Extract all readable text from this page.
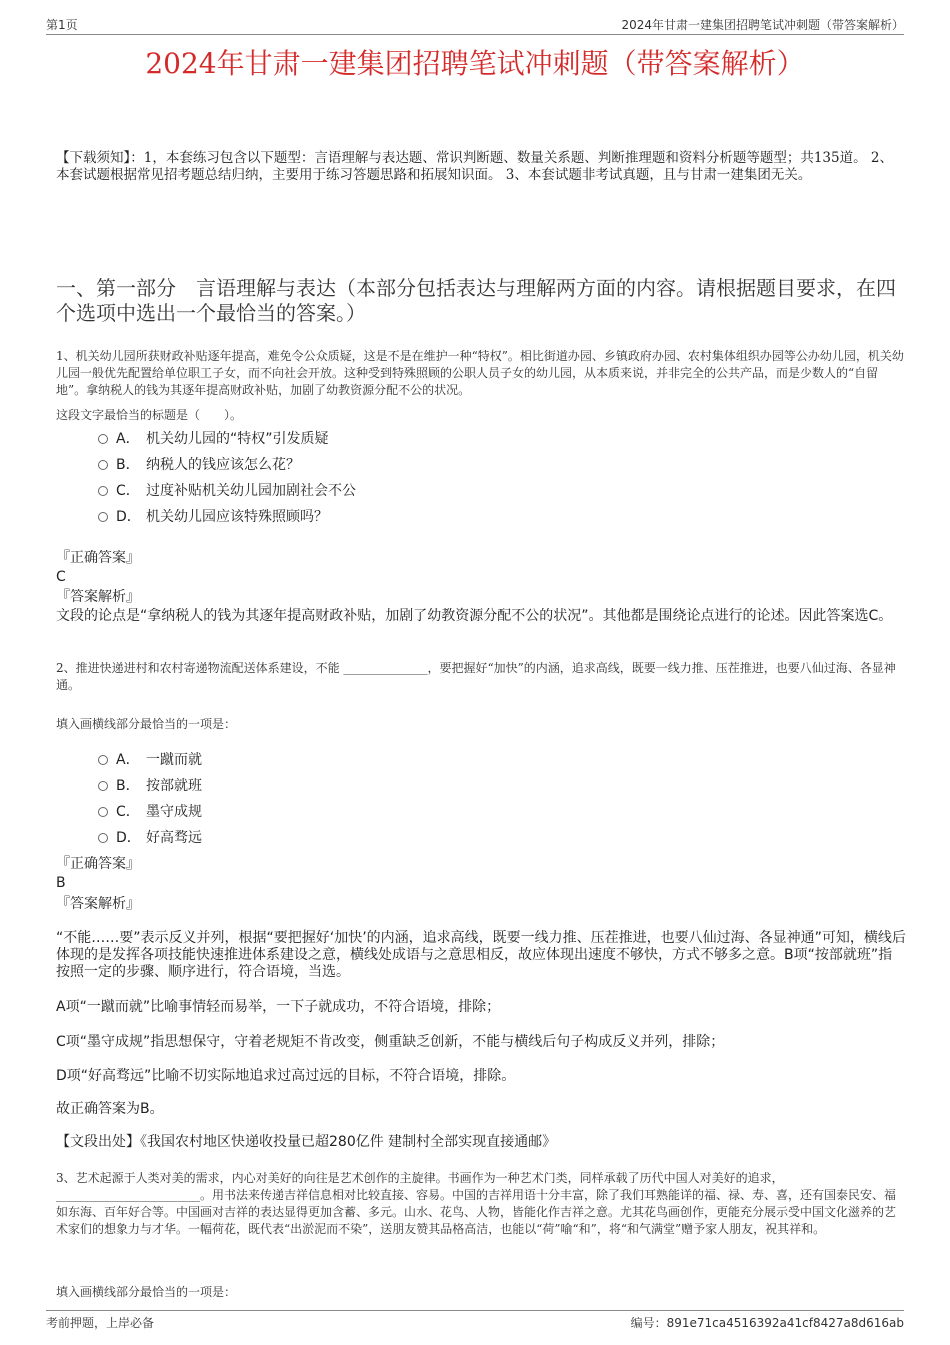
第1页	2024年甘肃一建集团招聘笔试冲刺题（带答案解析）
2024年甘肃一建集团招聘笔试冲刺题（带答案解析）
【下载须知】：1，本套练习包含以下题型：言语理解与表达题、常识判断题、数量关系题、判断推理题和资料分析题等题型；共135道。 2、本套试题根据常见招考题总结归纳，主要用于练习答题思路和拓展知识面。 3、本套试题非考试真题，且与甘肃一建集团无关。
一、第一部分　言语理解与表达（本部分包括表达与理解两方面的内容。请根据题目要求，在四个选项中选出一个最恰当的答案。）
1、机关幼儿园所获财政补贴逐年提高，难免令公众质疑，这是不是在维护一种“特权”。相比街道办园、乡镇政府办园、农村集体组织办园等公办幼儿园，机关幼儿园一般优先配置给单位职工子女，而不向社会开放。这种受到特殊照顾的公职人员子女的幼儿园，从本质来说，并非完全的公共产品，而是少数人的“自留地”。拿纳税人的钱为其逐年提高财政补贴，加剧了幼教资源分配不公的状况。
这段文字最恰当的标题是（　　）。
A． 机关幼儿园的“特权”引发质疑
B． 纳税人的钱应该怎么花？
C． 过度补贴机关幼儿园加剧社会不公
D． 机关幼儿园应该特殊照顾吗？
『正确答案』
C
『答案解析』
文段的论点是“拿纳税人的钱为其逐年提高财政补贴，加剧了幼教资源分配不公的状况”。其他都是围绕论点进行的论述。因此答案选C。
2、推进快递进村和农村寄递物流配送体系建设，不能 ______________，要把握好“加快”的内涵，追求高线，既要一线力推、压茬推进，也要八仙过海、各显神通。
填入画横线部分最恰当的一项是：
A． 一蹴而就
B． 按部就班
C． 墨守成规
D． 好高骛远
『正确答案』
B
『答案解析』
“不能……要”表示反义并列，根据“要把握好‘加快’的内涵，追求高线，既要一线力推、压茬推进，也要八仙过海、各显神通”可知，横线后体现的是发挥各项技能快速推进体系建设之意，横线处成语与之意思相反，故应体现出速度不够快，方式不够多之意。B项“按部就班”指按照一定的步骤、顺序进行，符合语境，当选。
A项“一蹴而就”比喻事情轻而易举，一下子就成功，不符合语境，排除；
C项“墨守成规”指思想保守，守着老规矩不肯改变，侧重缺乏创新，不能与横线后句子构成反义并列，排除；
D项“好高骛远”比喻不切实际地追求过高过远的目标，不符合语境，排除。
故正确答案为B。
【文段出处】《我国农村地区快递收投量已超280亿件 建制村全部实现直接通邮》
3、艺术起源于人类对美的需求，内心对美好的向往是艺术创作的主旋律。书画作为一种艺术门类，同样承载了历代中国人对美好的追求，________________________。用书法来传递吉祥信息相对比较直接、容易。中国的吉祥用语十分丰富，除了我们耳熟能详的福、禄、寿、喜，还有国泰民安、福如东海、百年好合等。中国画对吉祥的表达显得更加含蓄、多元。山水、花鸟、人物，皆能化作吉祥之意。尤其花鸟画创作，更能充分展示受中国文化滋养的艺术家们的想象力与才华。一幅荷花，既代表“出淤泥而不染”，送朋友赞其品格高洁，也能以“荷”喻“和”，将“和气满堂”赠予家人朋友，祝其祥和。
填入画横线部分最恰当的一项是：
考前押题，上岸必备	编号：891e71ca4516392a41cf8427a8d616ab
